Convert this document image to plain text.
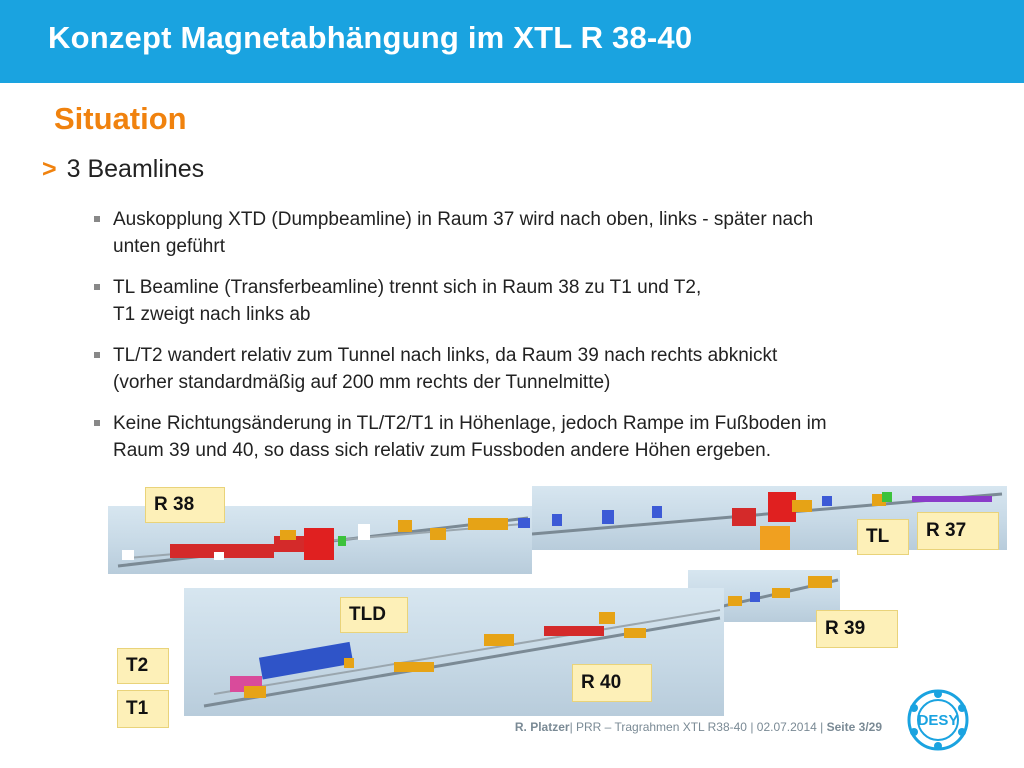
Konzept Magnetabhängung im XTL R 38-40
Situation
> 3 Beamlines
Auskopplung XTD (Dumpbeamline) in Raum 37 wird nach oben, links - später nach
unten geführt
TL Beamline (Transferbeamline) trennt sich in Raum 38 zu T1 und T2,
T1 zweigt nach links ab
TL/T2 wandert relativ zum Tunnel nach links, da Raum 39 nach rechts abknickt
(vorher standardmäßig auf 200 mm rechts der Tunnelmitte)
Keine Richtungsänderung in TL/T2/T1 in Höhenlage, jedoch Rampe im Fußboden im
Raum 39 und 40, so dass sich relativ zum Fussboden andere Höhen ergeben.
R 38
R 37
TL
TLD
R 39
R 40
T2
T1
R. Platzer| PRR – Tragrahmen XTL R38-40 | 02.07.2014 | Seite 3/29 DESY
